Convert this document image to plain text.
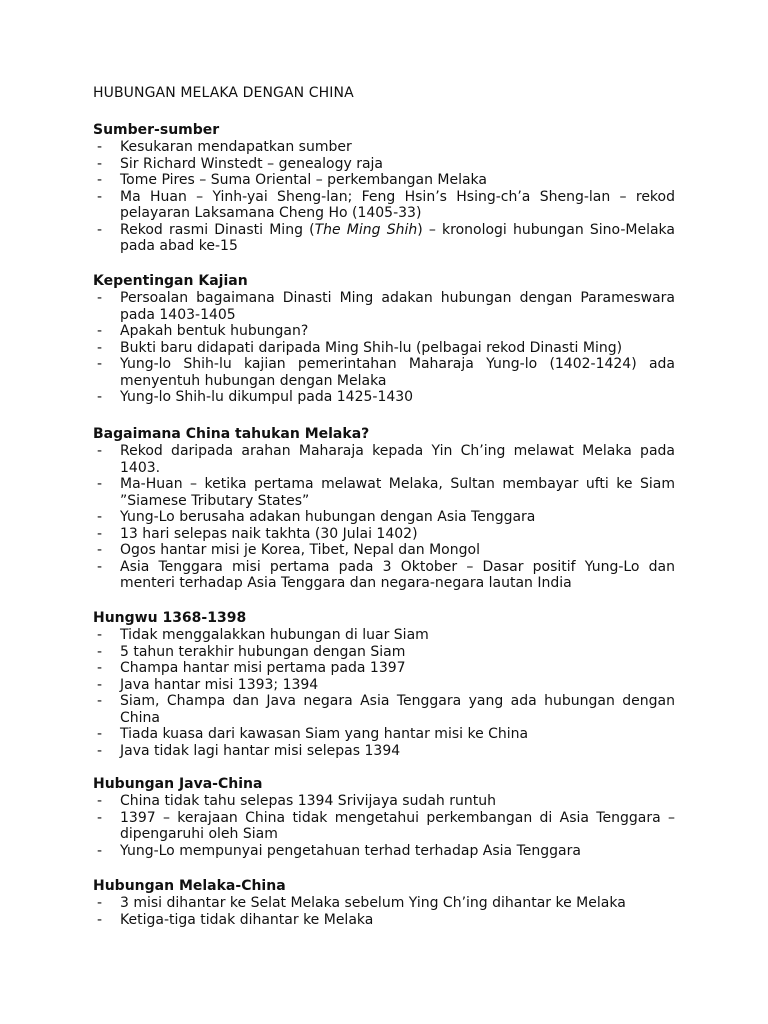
HUBUNGAN MELAKA DENGAN CHINA
Sumber-sumber
- Kesukaran mendapatkan sumber
- Sir Richard Winstedt – genealogy raja
- Tome Pires – Suma Oriental – perkembangan Melaka
- Ma Huan – Yinh-yai Sheng-lan; Feng Hsin’s Hsing-ch’a Sheng-lan – rekod pelayaran Laksamana Cheng Ho (1405-33)
- Rekod rasmi Dinasti Ming (The Ming Shih) – kronologi hubungan Sino-Melaka pada abad ke-15
Kepentingan Kajian
- Persoalan bagaimana Dinasti Ming adakan hubungan dengan Parameswara pada 1403-1405
- Apakah bentuk hubungan?
- Bukti baru didapati daripada Ming Shih-lu (pelbagai rekod Dinasti Ming)
- Yung-lo Shih-lu kajian pemerintahan Maharaja Yung-lo (1402-1424) ada menyentuh hubungan dengan Melaka
- Yung-lo Shih-lu dikumpul pada 1425-1430
Bagaimana China tahukan Melaka?
- Rekod daripada arahan Maharaja kepada Yin Ch’ing melawat Melaka pada 1403.
- Ma-Huan – ketika pertama melawat Melaka, Sultan membayar ufti ke Siam ”Siamese Tributary States”
- Yung-Lo berusaha adakan hubungan dengan Asia Tenggara
- 13 hari selepas naik takhta (30 Julai 1402)
- Ogos hantar misi je Korea, Tibet, Nepal dan Mongol
- Asia Tenggara misi pertama pada 3 Oktober – Dasar positif Yung-Lo dan menteri terhadap Asia Tenggara dan negara-negara lautan India
Hungwu 1368-1398
- Tidak menggalakkan hubungan di luar Siam
- 5 tahun terakhir hubungan dengan Siam
- Champa hantar misi pertama pada 1397
- Java hantar misi 1393; 1394
- Siam, Champa dan Java negara Asia Tenggara yang ada hubungan dengan China
- Tiada kuasa dari kawasan Siam yang hantar misi ke China
- Java tidak lagi hantar misi selepas 1394
Hubungan Java-China
- China tidak tahu selepas 1394 Srivijaya sudah runtuh
- 1397 – kerajaan China tidak mengetahui perkembangan di Asia Tenggara – dipengaruhi oleh Siam
- Yung-Lo mempunyai pengetahuan terhad terhadap Asia Tenggara
Hubungan Melaka-China
- 3 misi dihantar ke Selat Melaka sebelum Ying Ch’ing dihantar ke Melaka
- Ketiga-tiga tidak dihantar ke Melaka
